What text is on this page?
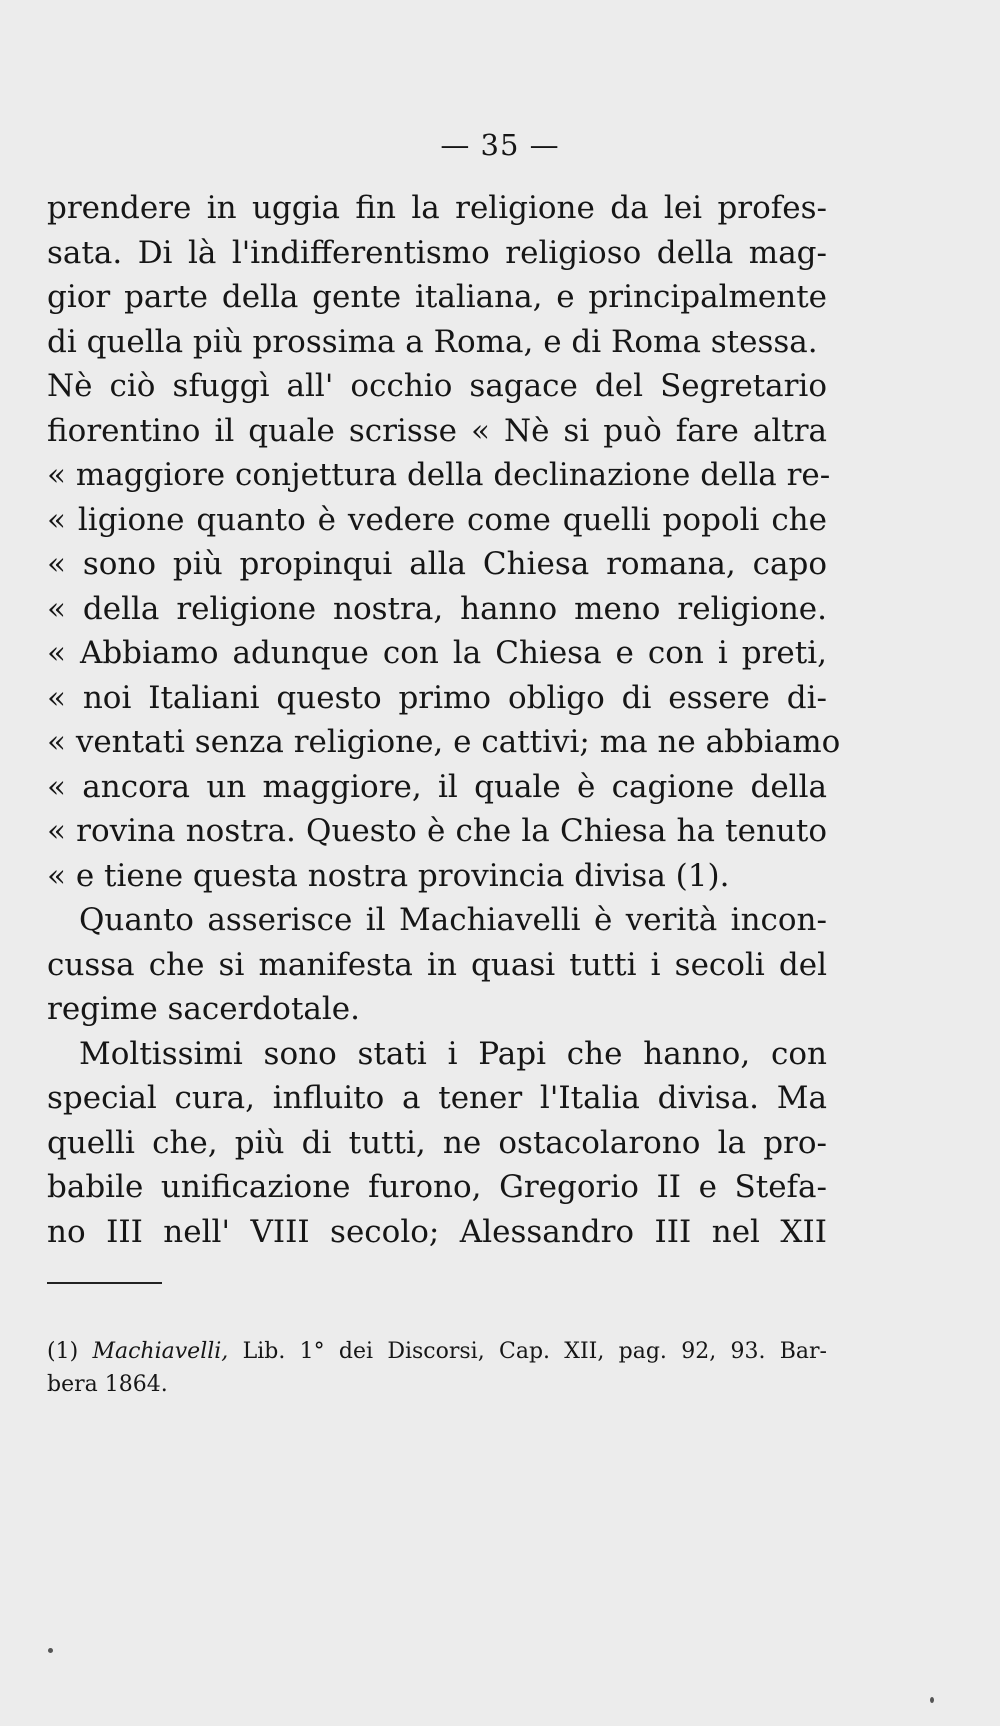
— 35 —
prendere in uggia fin la religione da lei profes-
sata. Di là l'indifferentismo religioso della mag-
gior parte della gente italiana, e principalmente
di quella più prossima a Roma, e di Roma stessa.
Nè ciò sfuggì all' occhio sagace del Segretario
fiorentino il quale scrisse « Nè si può fare altra
« maggiore conjettura della declinazione della re-
« ligione quanto è vedere come quelli popoli che
« sono più propinqui alla Chiesa romana, capo
« della religione nostra, hanno meno religione.
« Abbiamo adunque con la Chiesa e con i preti,
« noi Italiani questo primo obligo di essere di-
« ventati senza religione, e cattivi; ma ne abbiamo
« ancora un maggiore, il quale è cagione della
« rovina nostra. Questo è che la Chiesa ha tenuto
« e tiene questa nostra provincia divisa (1).
Quanto asserisce il Machiavelli è verità incon-
cussa che si manifesta in quasi tutti i secoli del
regime sacerdotale.
Moltissimi sono stati i Papi che hanno, con
special cura, influito a tener l'Italia divisa. Ma
quelli che, più di tutti, ne ostacolarono la pro-
babile unificazione furono, Gregorio II e Stefa-
no III nell' VIII secolo; Alessandro III nel XII
(1) Machiavelli, Lib. 1° dei Discorsi, Cap. XII, pag. 92, 93. Bar-
bera 1864.
